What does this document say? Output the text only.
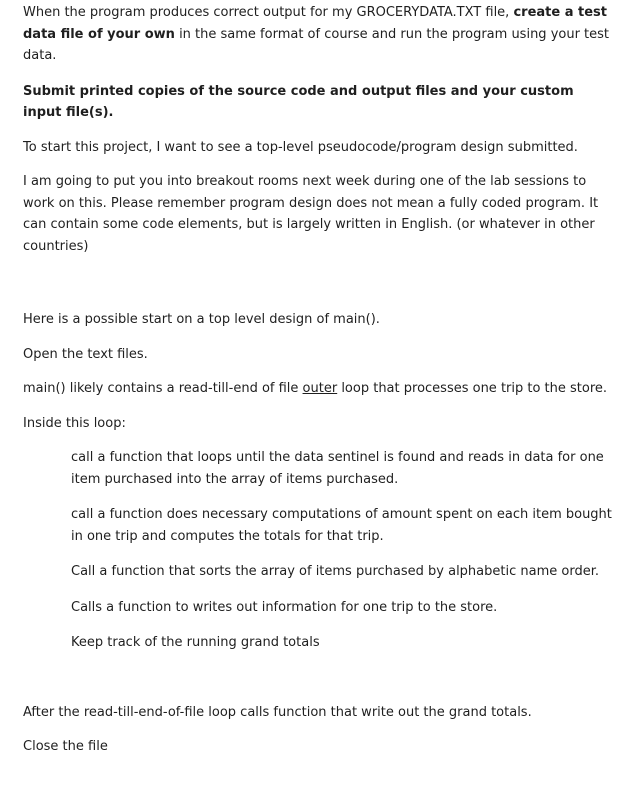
When the program produces correct output for my GROCERYDATA.TXT file, create a test data file of your own in the same format of course and run the program using your test data.

Submit printed copies of the source code and output files and your custom input file(s).

To start this project, I want to see a top-level pseudocode/program design submitted.

I am going to put you into breakout rooms next week during one of the lab sessions to work on this. Please remember program design does not mean a fully coded program. It can contain some code elements, but is largely written in English. (or whatever in other countries)

Here is a possible start on a top level design of main().

Open the text files.

main() likely contains a read-till-end of file outer loop that processes one trip to the store.

Inside this loop:

call a function that loops until the data sentinel is found and reads in data for one item purchased into the array of items purchased.

call a function does necessary computations of amount spent on each item bought in one trip and computes the totals for that trip.

Call a function that sorts the array of items purchased by alphabetic name order.

Calls a function to writes out information for one trip to the store.

Keep track of the running grand totals

After the read-till-end-of-file loop calls function that write out the grand totals.

Close the file
